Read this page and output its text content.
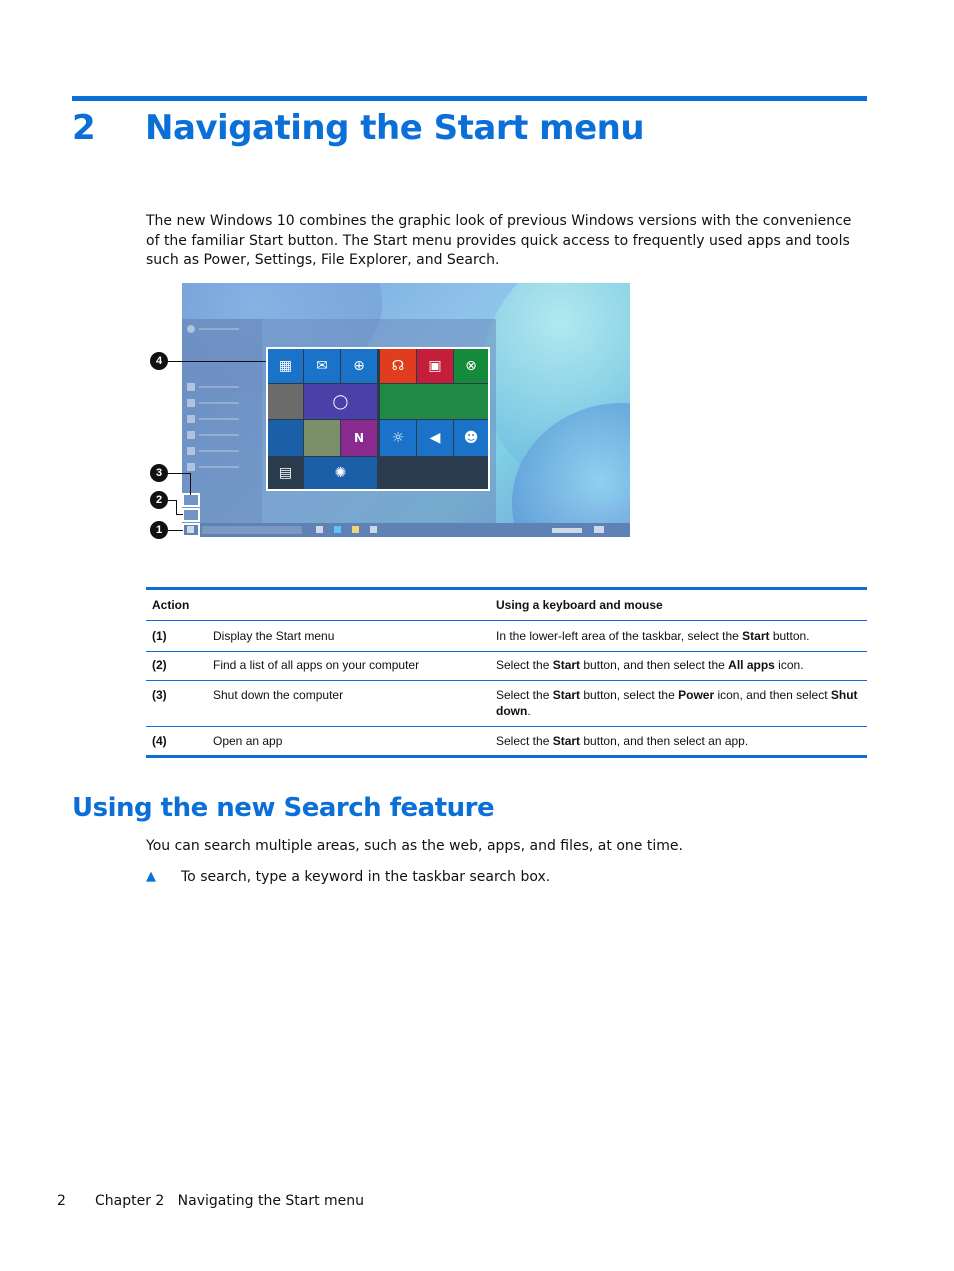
2 Navigating the Start menu
The new Windows 10 combines the graphic look of previous Windows versions with the convenience of the familiar Start button. The Start menu provides quick access to frequently used apps and tools such as Power, Settings, File Explorer, and Search.
▦	✉	⊕	☊	▣	⊗
◯
N	☼	◀	☻
▤	✺
4
3
2
1
Action	Using a keyboard and mouse
(1)	Display the Start menu	In the lower-left area of the taskbar, select the Start button.
(2)	Find a list of all apps on your computer	Select the Start button, and then select the All apps icon.
(3)	Shut down the computer	Select the Start button, select the Power icon, and then select Shut down.
(4)	Open an app	Select the Start button, and then select an app.
Using the new Search feature
You can search multiple areas, such as the web, apps, and files, at one time.
▲ To search, type a keyword in the taskbar search box.
2 Chapter 2   Navigating the Start menu
